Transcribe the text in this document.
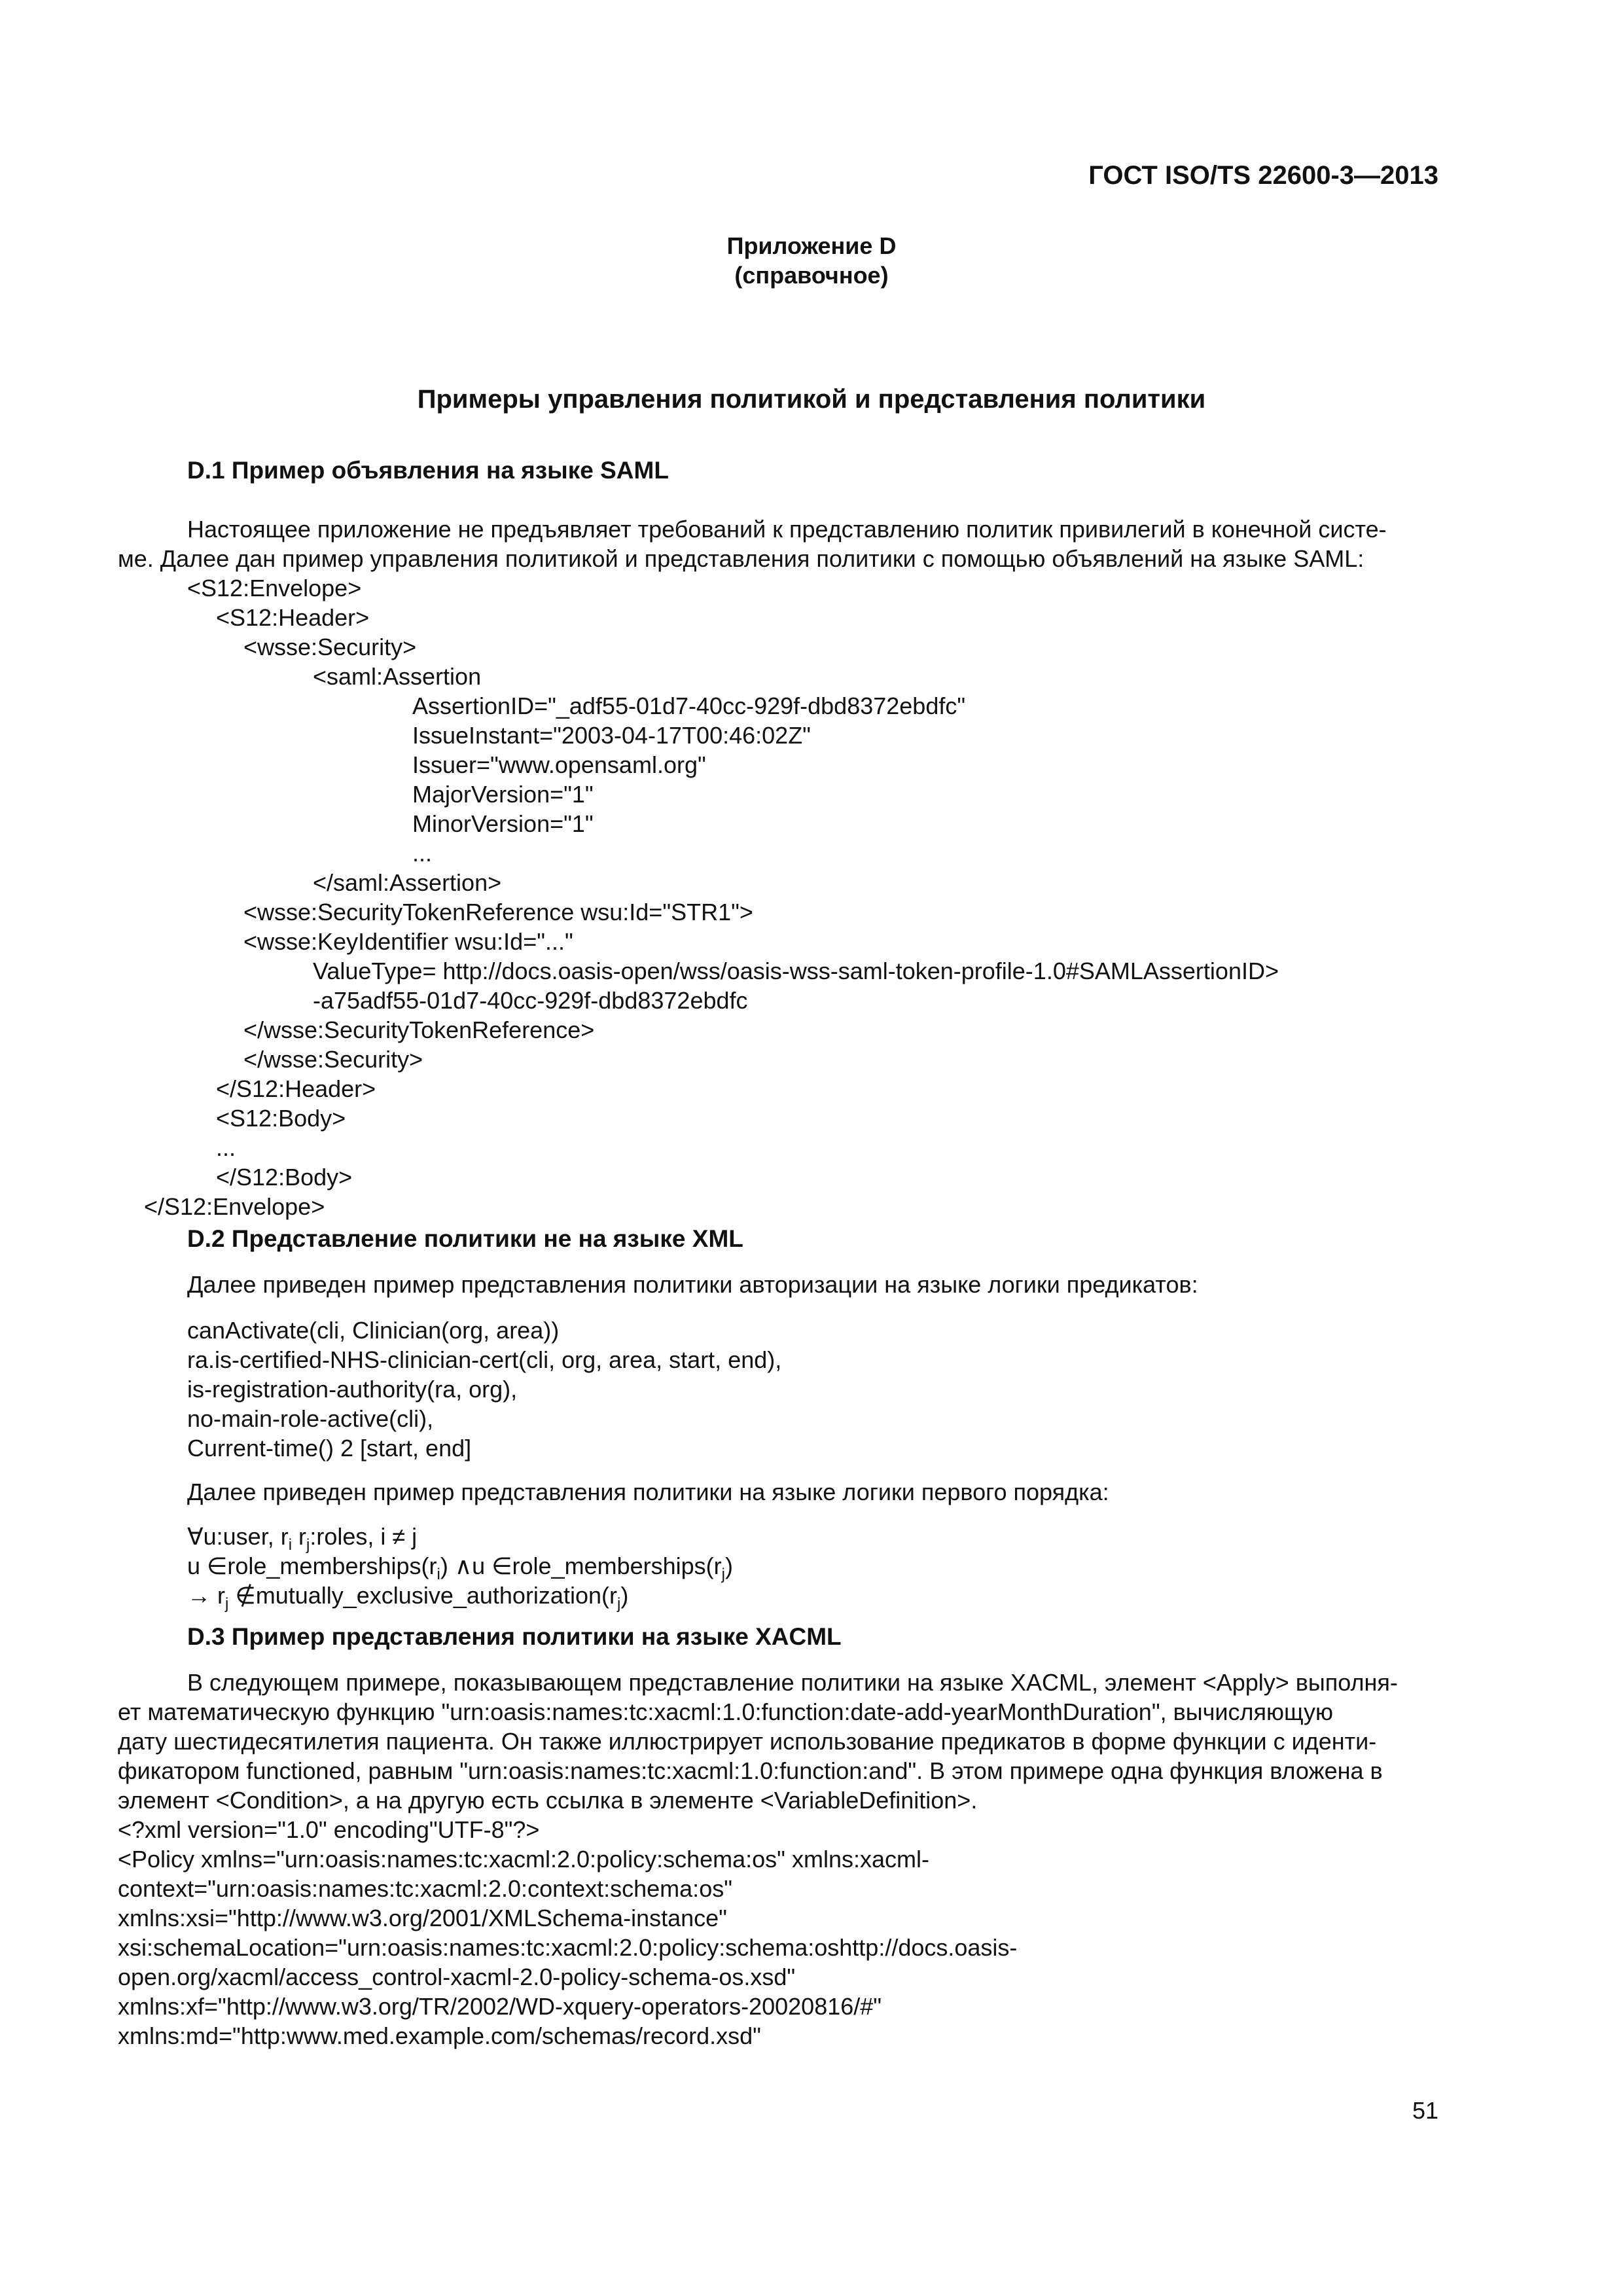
ГОСТ ISO/TS 22600-3—2013
Приложение D
(справочное)
Примеры управления политикой и представления политики
D.1 Пример объявления на языке SAML
Настоящее приложение не предъявляет требований к представлению политик привилегий в конечной систе-
ме. Далее дан пример управления политикой и представления политики с помощью объявлений на языке SAML:
<S12:Envelope>
<S12:Header>
<wsse:Security>
<saml:Assertion
AssertionID="_adf55-01d7-40cc-929f-dbd8372ebdfc"
IssueInstant="2003-04-17T00:46:02Z"
Issuer="www.opensaml.org"
MajorVersion="1"
MinorVersion="1"
...
</saml:Assertion>
<wsse:SecurityTokenReference wsu:Id="STR1">
<wsse:KeyIdentifier wsu:Id="..."
ValueType= http://docs.oasis-open/wss/oasis-wss-saml-token-profile-1.0#SAMLAssertionID>
-a75adf55-01d7-40cc-929f-dbd8372ebdfc
</wsse:SecurityTokenReference>
</wsse:Security>
</S12:Header>
<S12:Body>
...
</S12:Body>
</S12:Envelope>
D.2 Представление политики не на языке XML
Далее приведен пример представления политики авторизации на языке логики предикатов:
canActivate(cli, Clinician(org, area))
ra.is-certified-NHS-clinician-cert(cli, org, area, start, end),
is-registration-authority(ra, org),
no-main-role-active(cli),
Current-time() 2 [start, end]
Далее приведен пример представления политики на языке логики первого порядка:
∀u:user, $r_i$ $r_j:roles$, i ≠ j
u $\in role\_memberships(r_i)$ ∧u $\in role\_memberships(r_j)$
→ $r_j$ $\notin mutually\_exclusive\_authorization(r_j)$
D.3 Пример представления политики на языке XACML
В следующем примере, показывающем представление политики на языке XACML, элемент <Apply> выполня-
ет математическую функцию "urn:oasis:names:tc:xacml:1.0:function:date-add-yearMonthDuration", вычисляющую
дату шестидесятилетия пациента. Он также иллюстрирует использование предикатов в форме функции с иденти-
фикатором functioned, равным "urn:oasis:names:tc:xacml:1.0:function:and". В этом примере одна функция вложена в
элемент <Condition>, а на другую есть ссылка в элементе <VariableDefinition>.
<?xml version="1.0" encoding"UTF-8"?>
<Policy xmlns="urn:oasis:names:tc:xacml:2.0:policy:schema:os" xmlns:xacml-
context="urn:oasis:names:tc:xacml:2.0:context:schema:os"
xmlns:xsi="http://www.w3.org/2001/XMLSchema-instance"
xsi:schemaLocation="urn:oasis:names:tc:xacml:2.0:policy:schema:oshttp://docs.oasis-
open.org/xacml/access_control-xacml-2.0-policy-schema-os.xsd"
xmlns:xf="http://www.w3.org/TR/2002/WD-xquery-operators-20020816/#"
xmlns:md="http:www.med.example.com/schemas/record.xsd"
51
